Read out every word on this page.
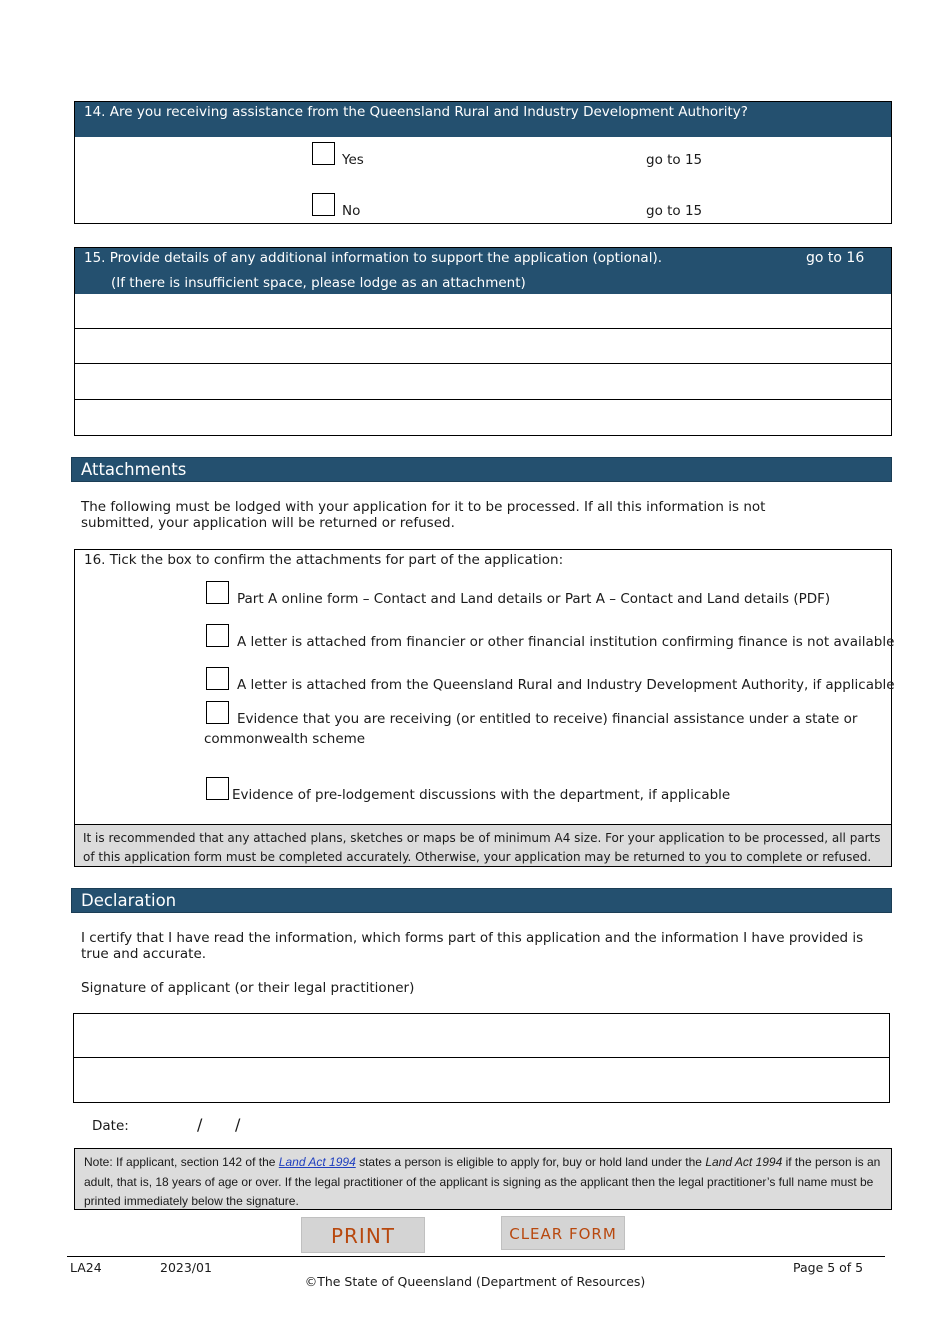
14. Are you receiving assistance from the Queensland Rural and Industry Development Authority?
Yes	go to 15
No	go to 15
15. Provide details of any additional information to support the application (optional).	go to 16
(If there is insufficient space, please lodge as an attachment)
Attachments
The following must be lodged with your application for it to be processed. If all this information is not submitted, your application will be returned or refused.
16. Tick the box to confirm the attachments for part of the application:
It is recommended that any attached plans, sketches or maps be of minimum A4 size. For your application to be processed, all parts of this application form must be completed accurately. Otherwise, your application may be returned to you to complete or refused.
Part A online form – Contact and Land details or Part A – Contact and Land details (PDF)
A letter is attached from financier or other financial institution confirming finance is not available
A letter is attached from the Queensland Rural and Industry Development Authority, if applicable
Evidence that you are receiving (or entitled to receive) financial assistance under a state or
commonwealth scheme
Evidence of pre-lodgement discussions with the department, if applicable
Declaration
I certify that I have read the information, which forms part of this application and the information I have provided is true and accurate.
Signature of applicant (or their legal practitioner)
Date:	/ /
Note: If applicant, section 142 of the Land Act 1994 states a person is eligible to apply for, buy or hold land under the Land Act 1994 if the person is an adult, that is, 18 years of age or over. If the legal practitioner of the applicant is signing as the applicant then the legal practitioner’s full name must be printed immediately below the signature.
PRINT	CLEAR FORM
LA24	2023/01	Page 5 of 5
©The State of Queensland (Department of Resources)
